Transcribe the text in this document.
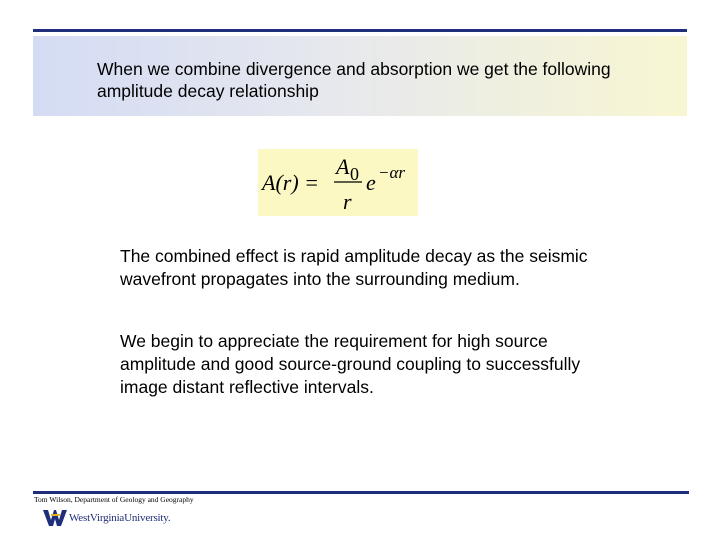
When we combine divergence and absorption we get the following amplitude decay relationship
A(r) =
A 0
r
e −αr
The combined effect is rapid amplitude decay as the seismic wavefront propagates into the surrounding medium.
We begin to appreciate the requirement for high source amplitude and good source-ground coupling to successfully image distant reflective intervals.
Tom Wilson, Department of Geology and Geography
WestVirginiaUniversity.
